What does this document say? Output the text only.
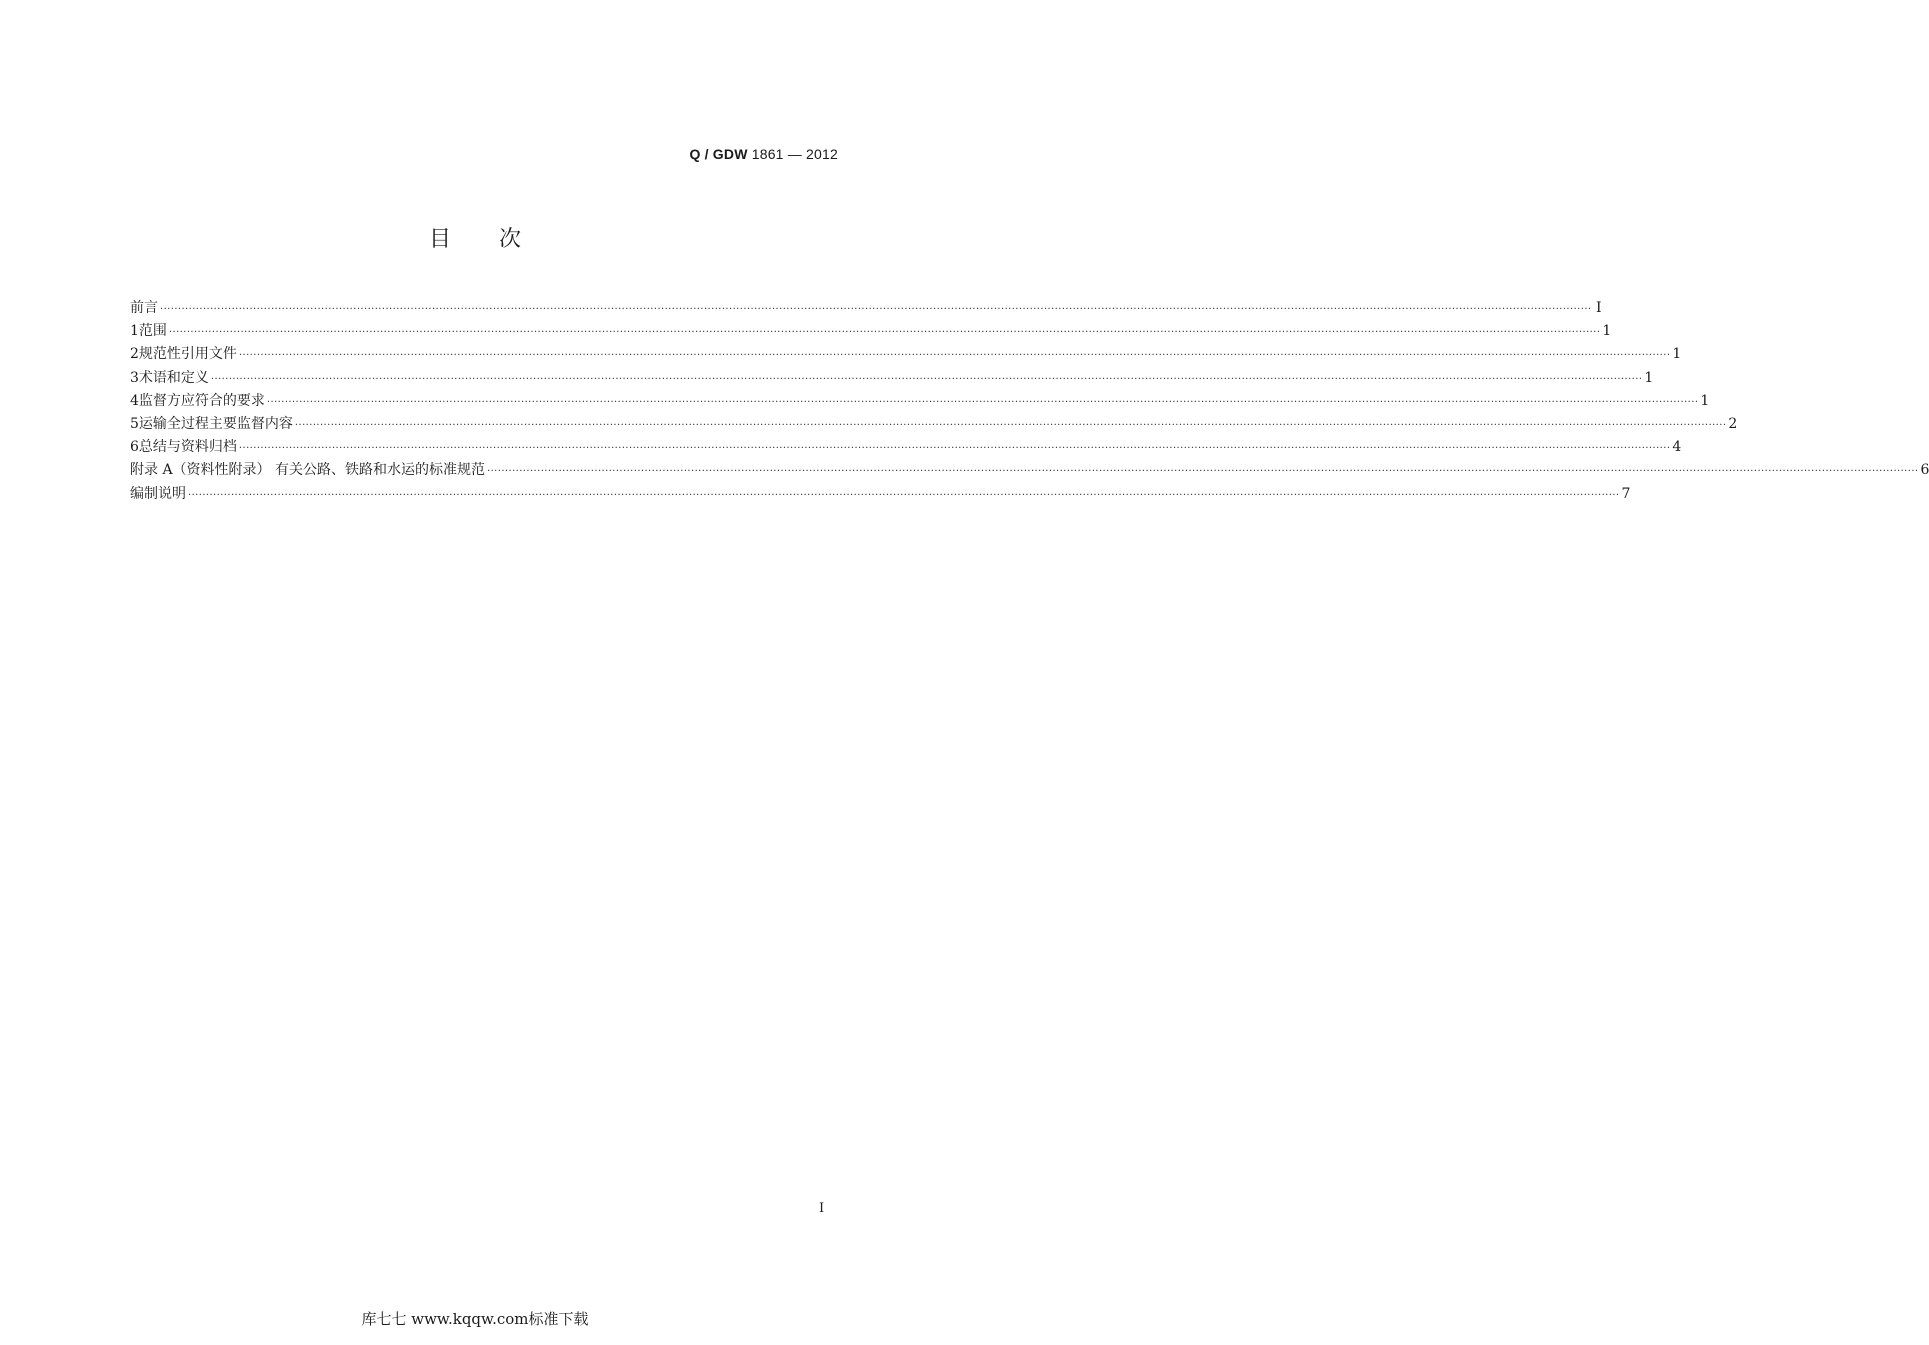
Q / GDW 1861 — 2012
目次
前言 ················································································································································································································································································································································································································ I
1 范围 ················································································································································································································································································································································································································ 1
2 规范性引用文件 ················································································································································································································································································································································································································ 1
3 术语和定义 ················································································································································································································································································································································································································ 1
4 监督方应符合的要求 ················································································································································································································································································································································································································ 1
5 运输全过程主要监督内容 ················································································································································································································································································································································································································ 2
6 总结与资料归档 ················································································································································································································································································································································································································ 4
附录 A（资料性附录） 有关公路、铁路和水运的标准规范 ················································································································································································································································································································································································································ 6
编制说明 ················································································································································································································································································································································································································ 7
I
库七七 www.kqqw.com标准下载
